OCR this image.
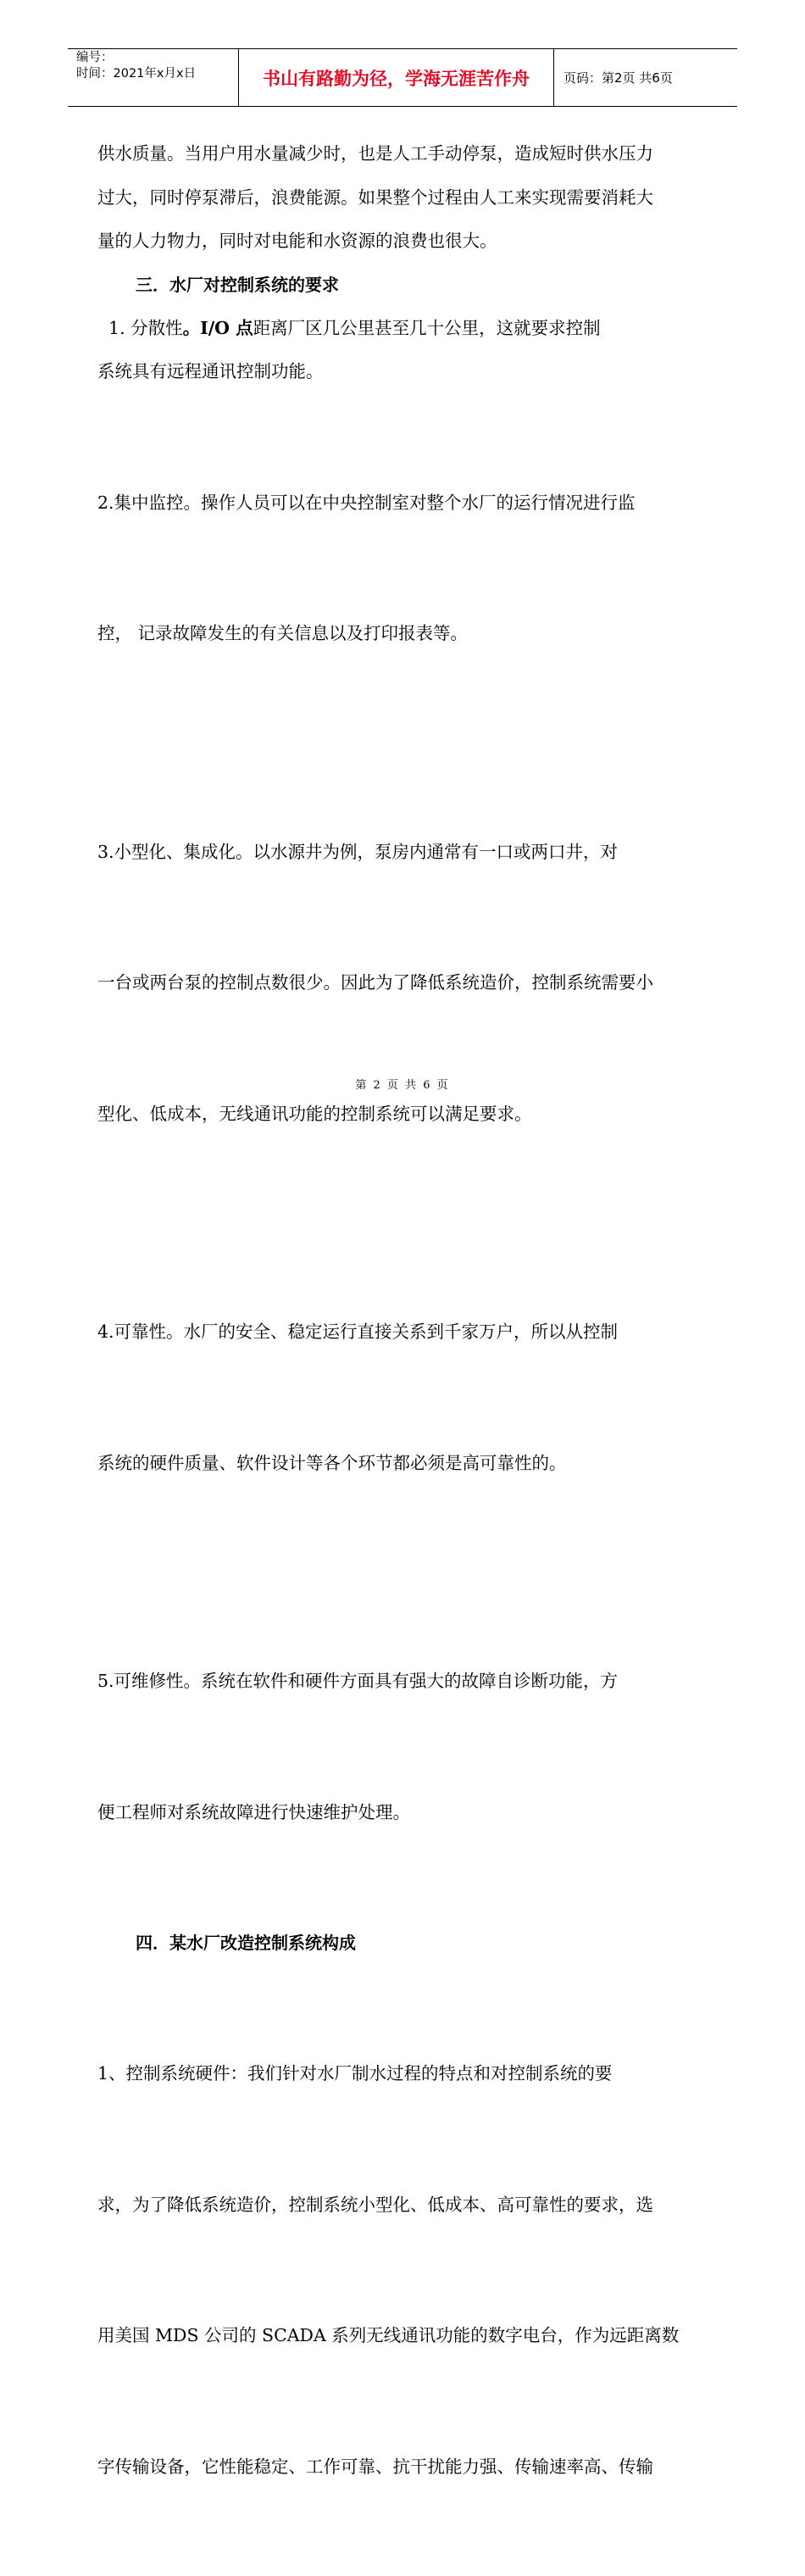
编号：
时间：2021年x月x日	书山有路勤为径，学海无涯苦作舟	页码：第2页 共6页

供水质量。当用户用水量减少时，也是人工手动停泵，造成短时供水压力
过大，同时停泵滞后，浪费能源。如果整个过程由人工来实现需要消耗大
量的人力物力，同时对电能和水资源的浪费也很大。

三．水厂对控制系统的要求

1. 分散性。I/O 点距离厂区几公里甚至几十公里，这就要求控制
系统具有远程通讯控制功能。

2.集中监控。操作人员可以在中央控制室对整个水厂的运行情况进行监

控， 记录故障发生的有关信息以及打印报表等。

3.小型化、集成化。以水源井为例，泵房内通常有一口或两口井，对

一台或两台泵的控制点数很少。因此为了降低系统造价，控制系统需要小

型化、低成本，无线通讯功能的控制系统可以满足要求。

4.可靠性。水厂的安全、稳定运行直接关系到千家万户，所以从控制

系统的硬件质量、软件设计等各个环节都必须是高可靠性的。

5.可维修性。系统在软件和硬件方面具有强大的故障自诊断功能，方

便工程师对系统故障进行快速维护处理。

四．某水厂改造控制系统构成

1、控制系统硬件：我们针对水厂制水过程的特点和对控制系统的要

求，为了降低系统造价，控制系统小型化、低成本、高可靠性的要求，选

用美国 MDS 公司的 SCADA 系列无线通讯功能的数字电台，作为远距离数

字传输设备，它性能稳定、工作可靠、抗干扰能力强、传输速率高、传输

第 2 页 共 6 页
